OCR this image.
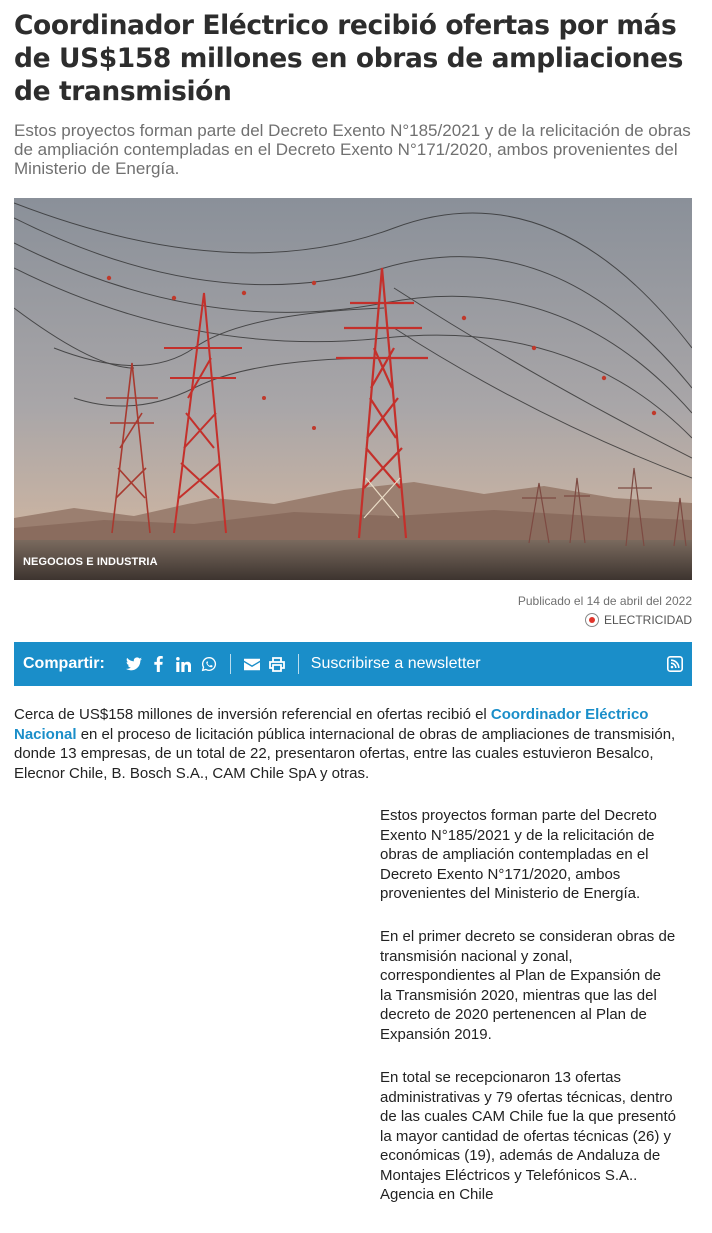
Coordinador Eléctrico recibió ofertas por más de US$158 millones en obras de ampliaciones de transmisión
Estos proyectos forman parte del Decreto Exento N°185/2021 y de la relicitación de obras de ampliación contempladas en el Decreto Exento N°171/2020, ambos provenientes del Ministerio de Energía.
NEGOCIOS E INDUSTRIA
Publicado el 14 de abril del 2022
ELECTRICIDAD
Compartir:	Suscribirse a newsletter
Cerca de US$158 millones de inversión referencial en ofertas recibió el Coordinador Eléctrico Nacional en el proceso de licitación pública internacional de obras de ampliaciones de transmisión, donde 13 empresas, de un total de 22, presentaron ofertas, entre las cuales estuvieron Besalco, Elecnor Chile, B. Bosch S.A., CAM Chile SpA y otras.
Estos proyectos forman parte del Decreto Exento N°185/2021 y de la relicitación de obras de ampliación contempladas en el Decreto Exento N°171/2020, ambos provenientes del Ministerio de Energía.
En el primer decreto se consideran obras de transmisión nacional y zonal, correspondientes al Plan de Expansión de la Transmisión 2020, mientras que las del decreto de 2020 pertenencen al Plan de Expansión 2019.
En total se recepcionaron 13 ofertas administrativas y 79 ofertas técnicas, dentro de las cuales CAM Chile fue la que presentó la mayor cantidad de ofertas técnicas (26) y económicas (19), además de Andaluza de Montajes Eléctricos y Telefónicos S.A.. Agencia en Chile
